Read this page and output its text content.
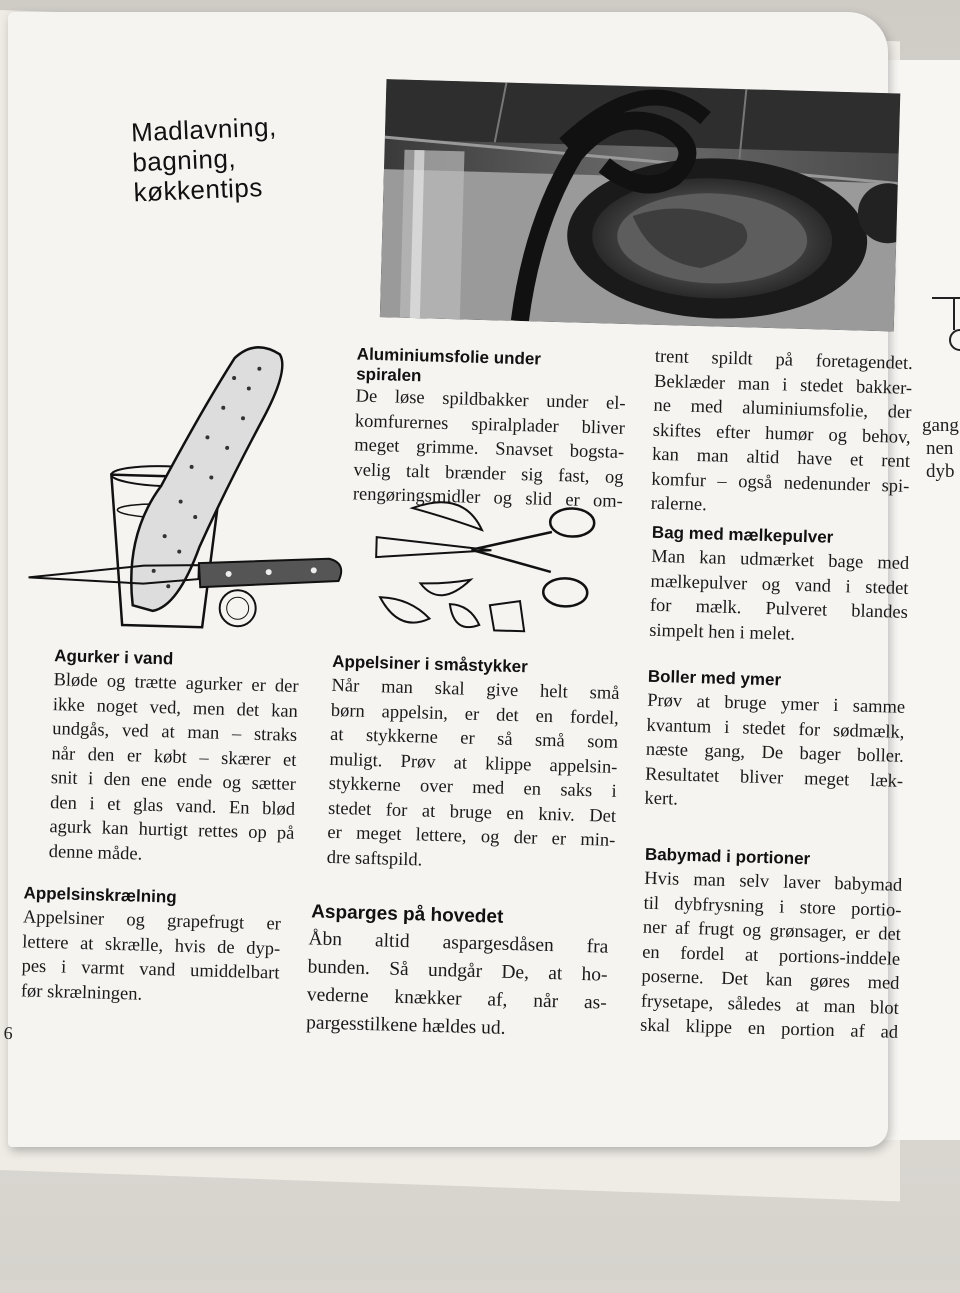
gang
nen
dyb
Madlavning,
bagning,
køkkentips
Aluminiumsfolie under
spiralen
De løse spildbakker under el-
komfurernes spiralplader bliver
meget grimme. Snavset bogsta-
velig talt brænder sig fast, og
rengøringsmidler og slid er om-
trent spildt på foretagendet.
Beklæder man i stedet bakker-
ne med aluminiumsfolie, der
skiftes efter humør og behov,
kan man altid have et rent
komfur – også nedenunder spi-
ralerne.
Bag med mælkepulver
Man kan udmærket bage med
mælkepulver og vand i stedet
for mælk. Pulveret blandes
simpelt hen i melet.
Boller med ymer
Prøv at bruge ymer i samme
kvantum i stedet for sødmælk,
næste gang, De bager boller.
Resultatet bliver meget læk-
kert.
Babymad i portioner
Hvis man selv laver babymad
til dybfrysning i store portio-
ner af frugt og grønsager, er det
en fordel at portions-inddele
poserne. Det kan gøres med
frysetape, således at man blot
skal klippe en portion af ad
Agurker i vand
Bløde og trætte agurker er der
ikke noget ved, men det kan
undgås, ved at man – straks
når den er købt – skærer et
snit i den ene ende og sætter
den i et glas vand. En blød
agurk kan hurtigt rettes op på
denne måde.
Appelsinskrælning
Appelsiner og grapefrugt er
lettere at skrælle, hvis de dyp-
pes i varmt vand umiddelbart
før skrælningen.
Appelsiner i småstykker
Når man skal give helt små
børn appelsin, er det en fordel,
at stykkerne er så små som
muligt. Prøv at klippe appelsin-
stykkerne over med en saks i
stedet for at bruge en kniv. Det
er meget lettere, og der er min-
dre saftspild.
Asparges på hovedet
Åbn altid aspargesdåsen fra
bunden. Så undgår De, at ho-
vederne knækker af, når as-
pargesstilkene hældes ud.
6
